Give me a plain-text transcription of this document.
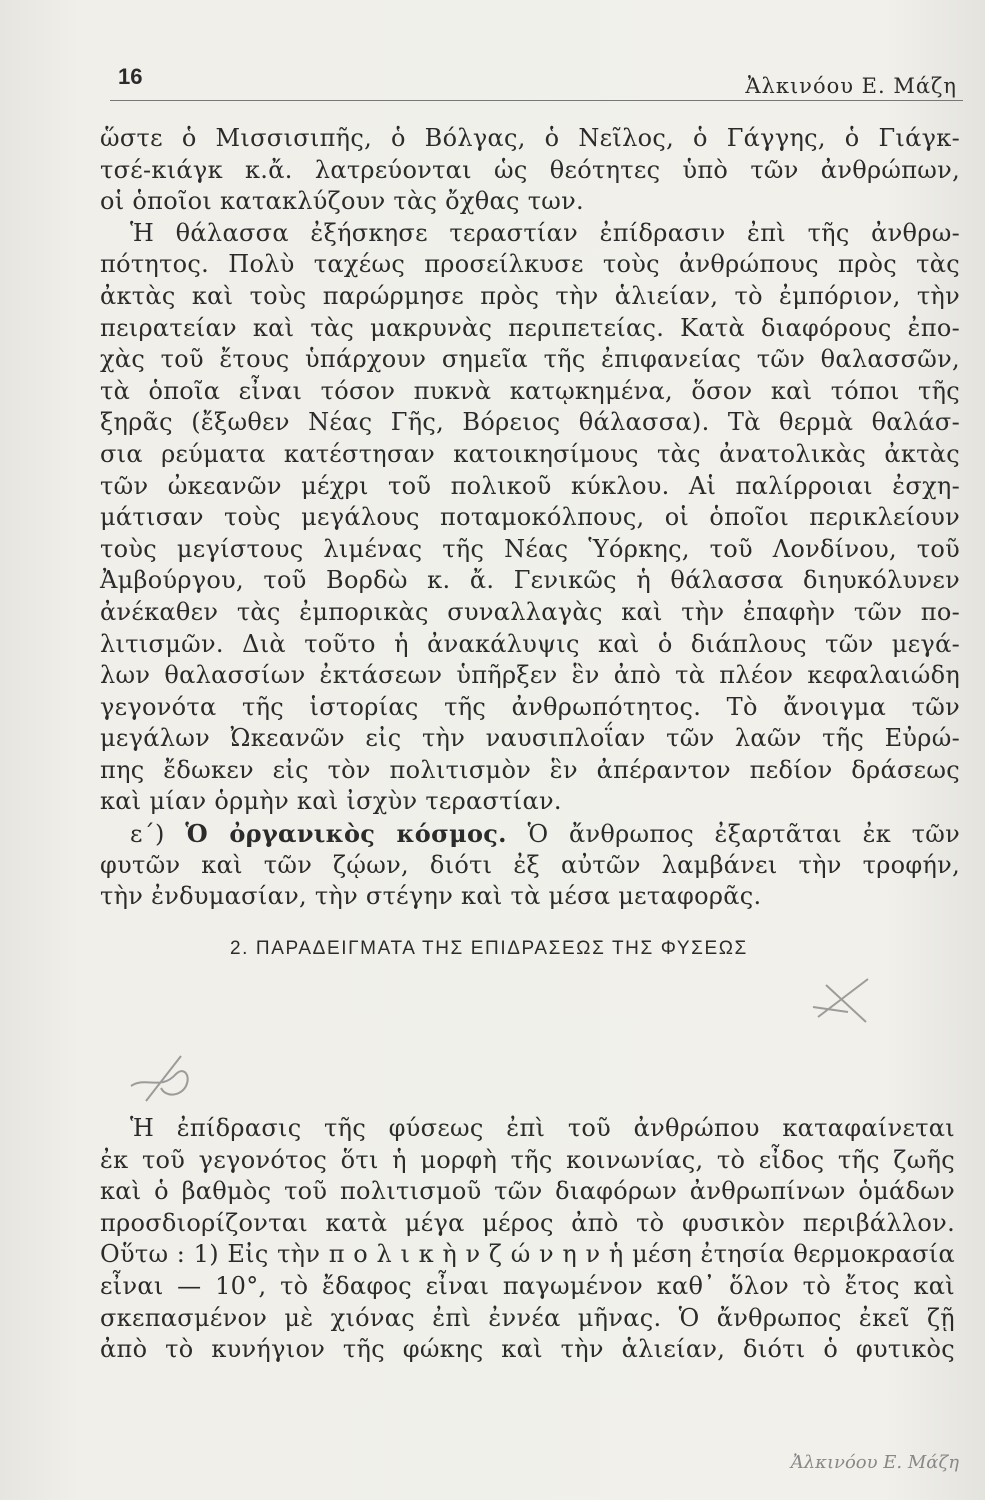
16	Ἀλκινόου Ε. Μάζη
ὥστε ὁ Μισσισιπῆς, ὁ Βόλγας, ὁ Νεῖλος, ὁ Γάγγης, ὁ Γιάγκ-
τσέ-κιάγκ κ.ἄ. λατρεύονται ὡς θεότητες ὑπὸ τῶν ἀνθρώπων,
οἱ ὁποῖοι κατακλύζουν τὰς ὄχθας των.
Ἡ θάλασσα ἐξήσκησε τεραστίαν ἐπίδρασιν ἐπὶ τῆς ἀνθρω-
πότητος. Πολὺ ταχέως προσείλκυσε τοὺς ἀνθρώπους πρὸς τὰς
ἀκτὰς καὶ τοὺς παρώρμησε πρὸς τὴν ἁλιείαν, τὸ ἐμπόριον, τὴν
πειρατείαν καὶ τὰς μακρυνὰς περιπετείας. Κατὰ διαφόρους ἐπο-
χὰς τοῦ ἔτους ὑπάρχουν σημεῖα τῆς ἐπιφανείας τῶν θαλασσῶν,
τὰ ὁποῖα εἶναι τόσον πυκνὰ κατῳκημένα, ὅσον καὶ τόποι τῆς
ξηρᾶς (ἔξωθεν Νέας Γῆς, Βόρειος θάλασσα). Τὰ θερμὰ θαλάσ-
σια ρεύματα κατέστησαν κατοικησίμους τὰς ἀνατολικὰς ἀκτὰς
τῶν ὠκεανῶν μέχρι τοῦ πολικοῦ κύκλου. Αἱ παλίρροιαι ἐσχη-
μάτισαν τοὺς μεγάλους ποταμοκόλπους, οἱ ὁποῖοι περικλείουν
τοὺς μεγίστους λιμένας τῆς Νέας Ὑόρκης, τοῦ Λονδίνου, τοῦ
Ἀμβούργου, τοῦ Βορδὼ κ. ἄ. Γενικῶς ἡ θάλασσα διηυκόλυνεν
ἀνέκαθεν τὰς ἐμπορικὰς συναλλαγὰς καὶ τὴν ἐπαφὴν τῶν πο-
λιτισμῶν. Διὰ τοῦτο ἡ ἀνακάλυψις καὶ ὁ διάπλους τῶν μεγά-
λων θαλασσίων ἐκτάσεων ὑπῆρξεν ἓν ἀπὸ τὰ πλέον κεφαλαιώδη
γεγονότα τῆς ἱστορίας τῆς ἀνθρωπότητος. Τὸ ἄνοιγμα τῶν
μεγάλων Ὠκεανῶν εἰς τὴν ναυσιπλοΐαν τῶν λαῶν τῆς Εὐρώ-
πης ἔδωκεν εἰς τὸν πολιτισμὸν ἓν ἀπέραντον πεδίον δράσεως
καὶ μίαν ὁρμὴν καὶ ἰσχὺν τεραστίαν.
ε΄) Ὁ ὀργανικὸς κόσμος. Ὁ ἄνθρωπος ἐξαρτᾶται ἐκ τῶν
φυτῶν καὶ τῶν ζῴων, διότι ἐξ αὐτῶν λαμβάνει τὴν τροφήν,
τὴν ἐνδυμασίαν, τὴν στέγην καὶ τὰ μέσα μεταφορᾶς.
2. ΠΑΡΑΔΕΙΓΜΑΤΑ ΤΗΣ ΕΠΙΔΡΑΣΕΩΣ ΤΗΣ ΦΥΣΕΩΣ
Ἡ ἐπίδρασις τῆς φύσεως ἐπὶ τοῦ ἀνθρώπου καταφαίνεται
ἐκ τοῦ γεγονότος ὅτι ἡ μορφὴ τῆς κοινωνίας, τὸ εἶδος τῆς ζωῆς
καὶ ὁ βαθμὸς τοῦ πολιτισμοῦ τῶν διαφόρων ἀνθρωπίνων ὁμάδων
προσδιορίζονται κατὰ μέγα μέρος ἀπὸ τὸ φυσικὸν περιβάλλον.
Οὕτω : 1) Εἰς τὴν π ο λ ι κ ὴ ν ζ ώ ν η ν ἡ μέση ἐτησία θερμοκρασία
εἶναι — 10°, τὸ ἔδαφος εἶναι παγωμένον καθ᾽ ὅλον τὸ ἔτος καὶ
σκεπασμένον μὲ χιόνας ἐπὶ ἐννέα μῆνας. Ὁ ἄνθρωπος ἐκεῖ ζῇ
ἀπὸ τὸ κυνήγιον τῆς φώκης καὶ τὴν ἁλιείαν, διότι ὁ φυτικὸς
Ἀλκινόου Ε. Μάζη
